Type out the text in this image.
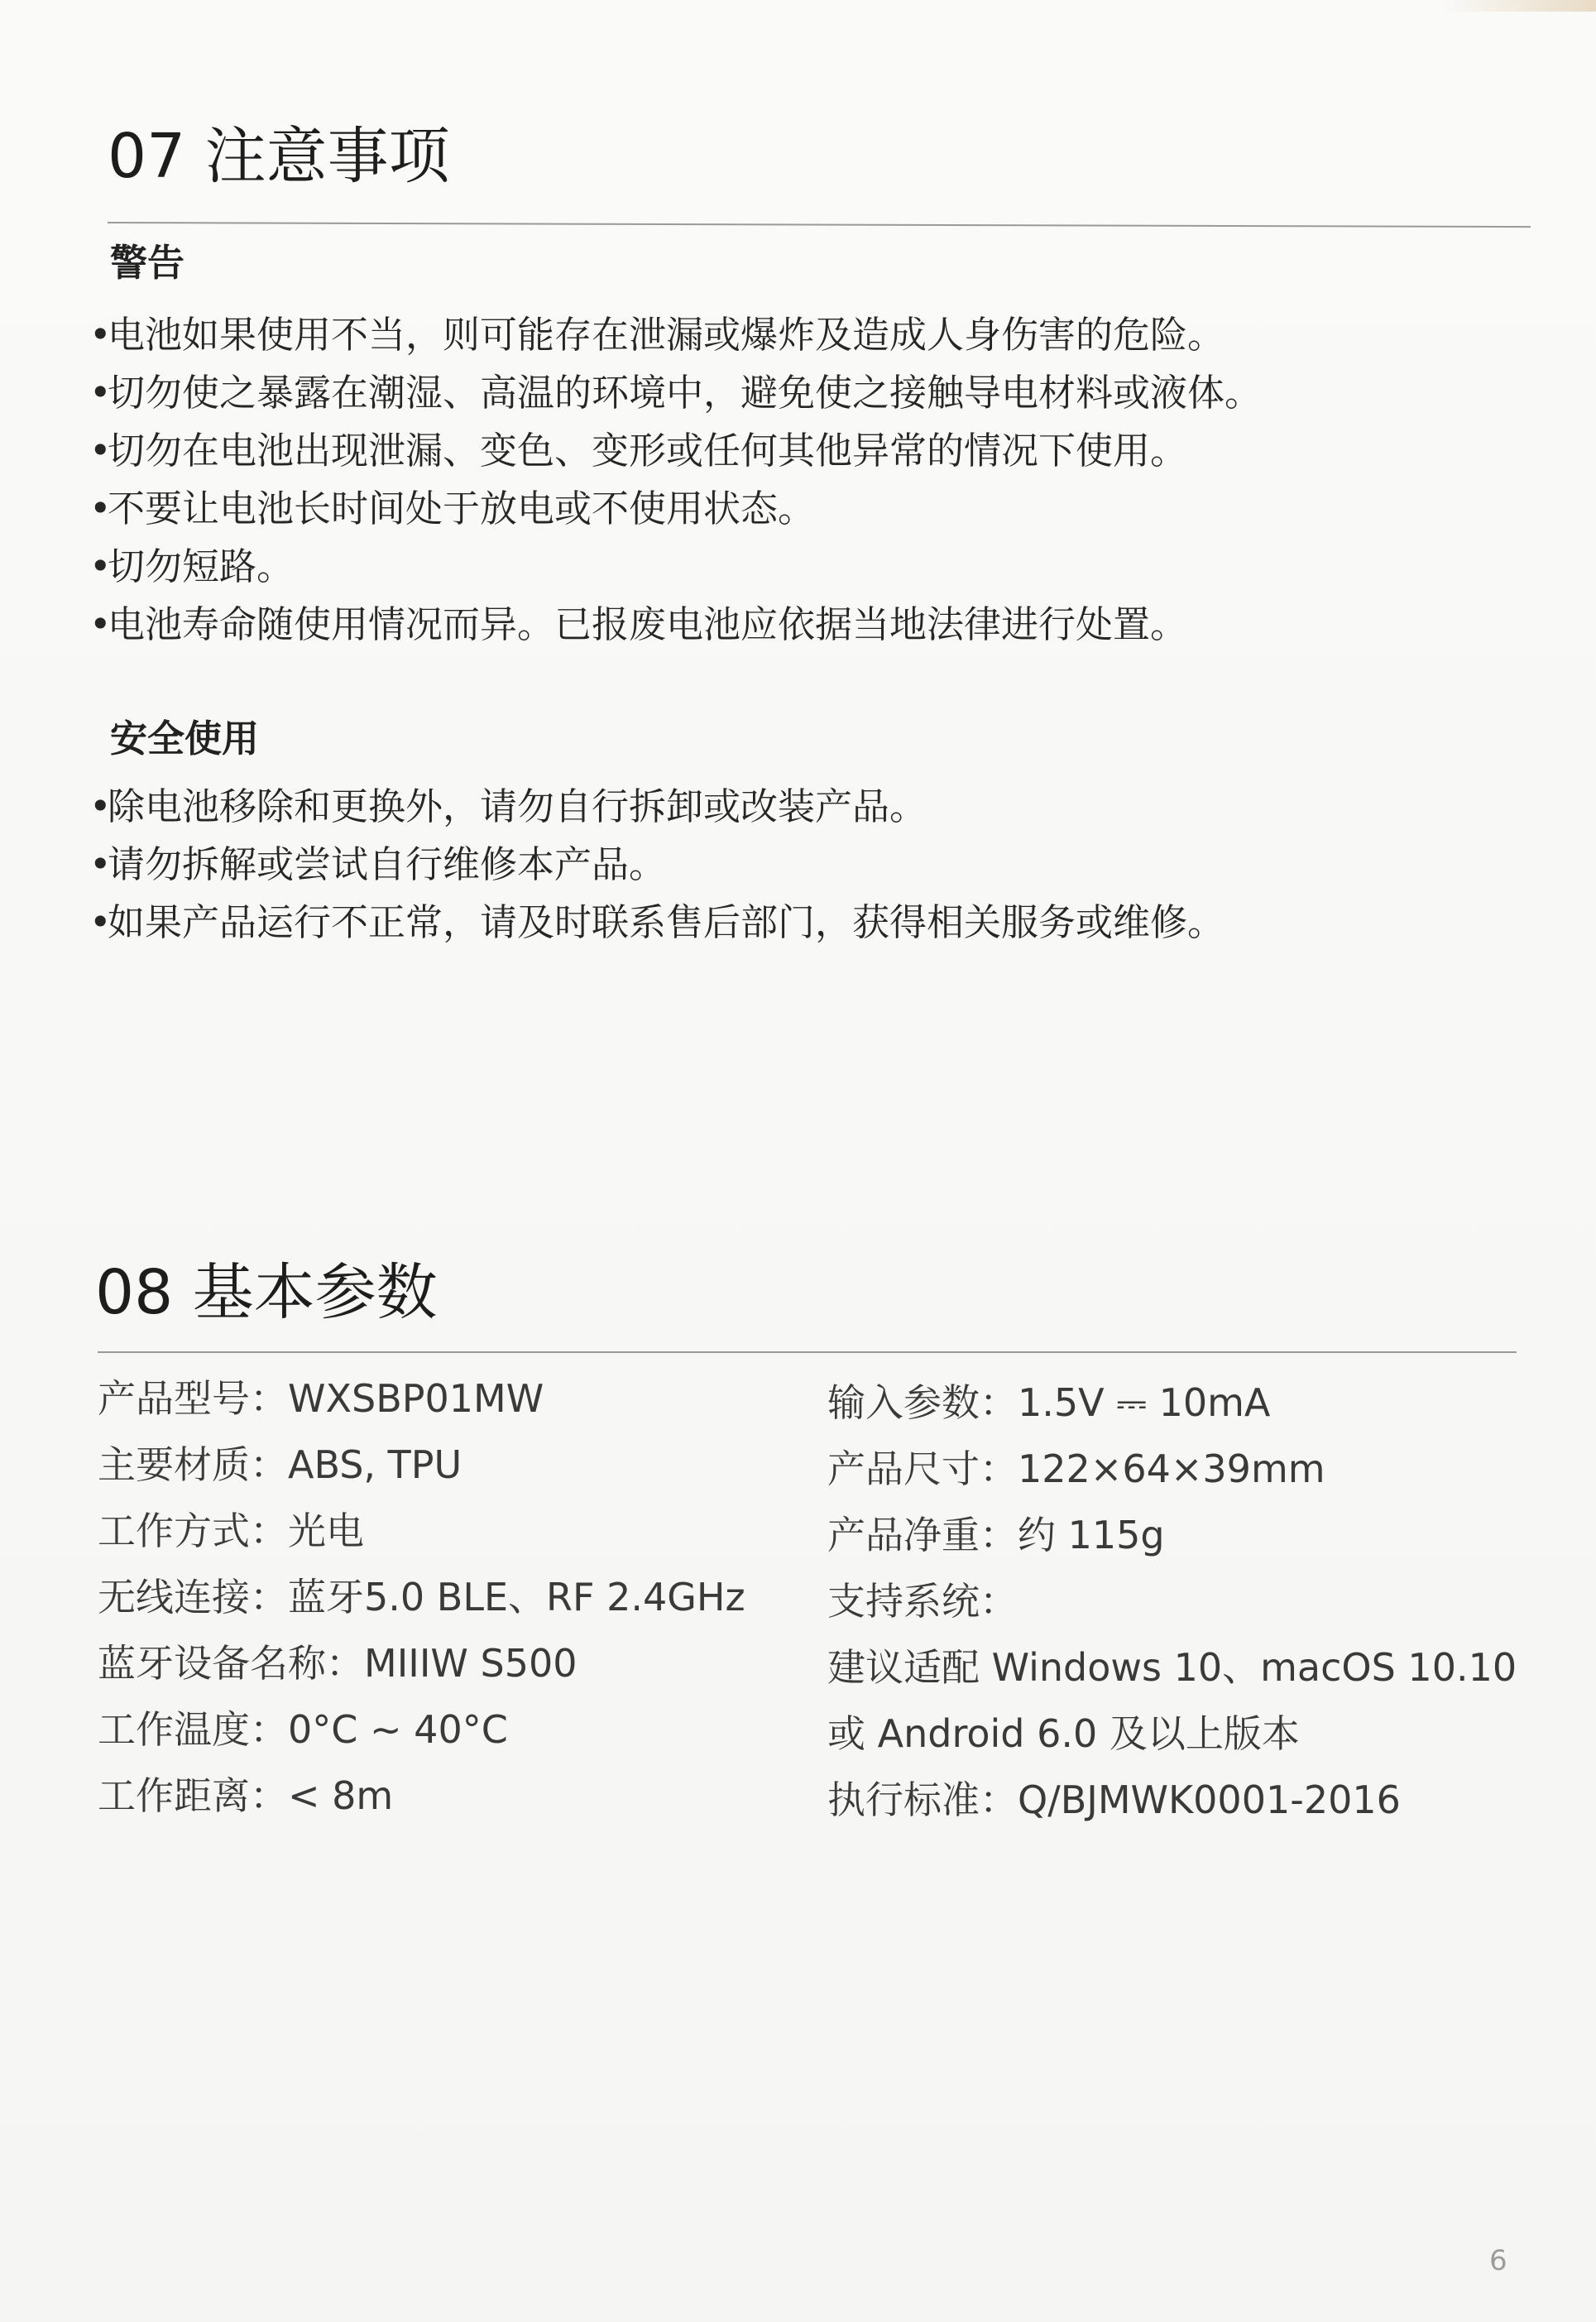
07 注意事项
警告
•电池如果使用不当，则可能存在泄漏或爆炸及造成人身伤害的危险。
•切勿使之暴露在潮湿、高温的环境中，避免使之接触导电材料或液体。
•切勿在电池出现泄漏、变色、变形或任何其他异常的情况下使用。
•不要让电池长时间处于放电或不使用状态。
•切勿短路。
•电池寿命随使用情况而异。已报废电池应依据当地法律进行处置。
安全使用
•除电池移除和更换外，请勿自行拆卸或改装产品。
•请勿拆解或尝试自行维修本产品。
•如果产品运行不正常，请及时联系售后部门，获得相关服务或维修。
08 基本参数
产品型号：WXSBP01MW
主要材质：ABS, TPU
工作方式：光电
无线连接：蓝牙5.0 BLE、RF 2.4GHz
蓝牙设备名称：MIIIW S500
工作温度：0°C ~ 40°C
工作距离：< 8m
输入参数：1.5V ⎓ 10mA
产品尺寸：122×64×39mm
产品净重：约 115g
支持系统：
建议适配 Windows 10、macOS 10.10
或 Android 6.0 及以上版本
执行标准：Q/BJMWK0001-2016
6
